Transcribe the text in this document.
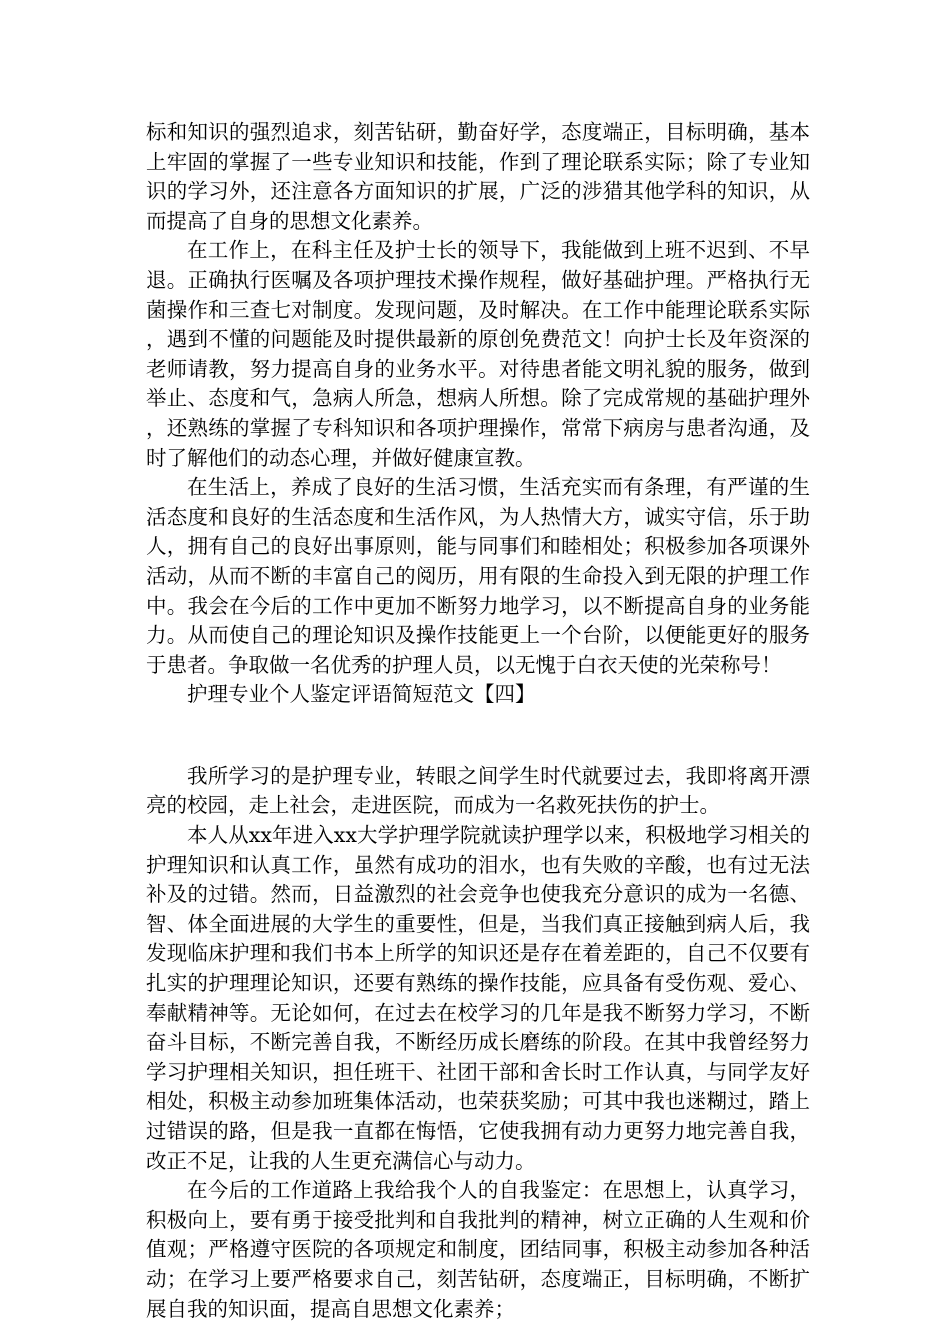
标和知识的强烈追求，刻苦钻研，勤奋好学，态度端正，目标明确，基本上牢固的掌握了一些专业知识和技能，作到了理论联系实际；除了专业知识的学习外，还注意各方面知识的扩展，广泛的涉猎其他学科的知识，从而提高了自身的思想文化素养。

在工作上，在科主任及护士长的领导下，我能做到上班不迟到、不早退。正确执行医嘱及各项护理技术操作规程，做好基础护理。严格执行无菌操作和三查七对制度。发现问题，及时解决。在工作中能理论联系实际，遇到不懂的问题能及时提供最新的原创免费范文！向护士长及年资深的老师请教，努力提高自身的业务水平。对待患者能文明礼貌的服务，做到举止、态度和气，急病人所急，想病人所想。除了完成常规的基础护理外，还熟练的掌握了专科知识和各项护理操作，常常下病房与患者沟通，及时了解他们的动态心理，并做好健康宣教。

在生活上，养成了良好的生活习惯，生活充实而有条理，有严谨的生活态度和良好的生活态度和生活作风，为人热情大方，诚实守信，乐于助人，拥有自己的良好出事原则，能与同事们和睦相处；积极参加各项课外活动，从而不断的丰富自己的阅历，用有限的生命投入到无限的护理工作中。我会在今后的工作中更加不断努力地学习，以不断提高自身的业务能力。从而使自己的理论知识及操作技能更上一个台阶，以便能更好的服务于患者。争取做一名优秀的护理人员，以无愧于白衣天使的光荣称号！

护理专业个人鉴定评语简短范文【四】

我所学习的是护理专业，转眼之间学生时代就要过去，我即将离开漂亮的校园，走上社会，走进医院，而成为一名救死扶伤的护士。

本人从xx年进入xx大学护理学院就读护理学以来，积极地学习相关的护理知识和认真工作，虽然有成功的泪水，也有失败的辛酸，也有过无法补及的过错。然而，日益激烈的社会竞争也使我充分意识的成为一名德、智、体全面进展的大学生的重要性，但是，当我们真正接触到病人后，我发现临床护理和我们书本上所学的知识还是存在着差距的，自己不仅要有扎实的护理理论知识，还要有熟练的操作技能，应具备有受伤观、爱心、奉献精神等。无论如何，在过去在校学习的几年是我不断努力学习，不断奋斗目标，不断完善自我，不断经历成长磨练的阶段。在其中我曾经努力学习护理相关知识，担任班干、社团干部和舍长时工作认真，与同学友好相处，积极主动参加班集体活动，也荣获奖励；可其中我也迷糊过，踏上过错误的路，但是我一直都在悔悟，它使我拥有动力更努力地完善自我，改正不足，让我的人生更充满信心与动力。

在今后的工作道路上我给我个人的自我鉴定：在思想上，认真学习，积极向上，要有勇于接受批判和自我批判的精神，树立正确的人生观和价值观；严格遵守医院的各项规定和制度，团结同事，积极主动参加各种活动；在学习上要严格要求自己，刻苦钻研，态度端正，目标明确，不断扩展自我的知识面，提高自思想文化素养；
